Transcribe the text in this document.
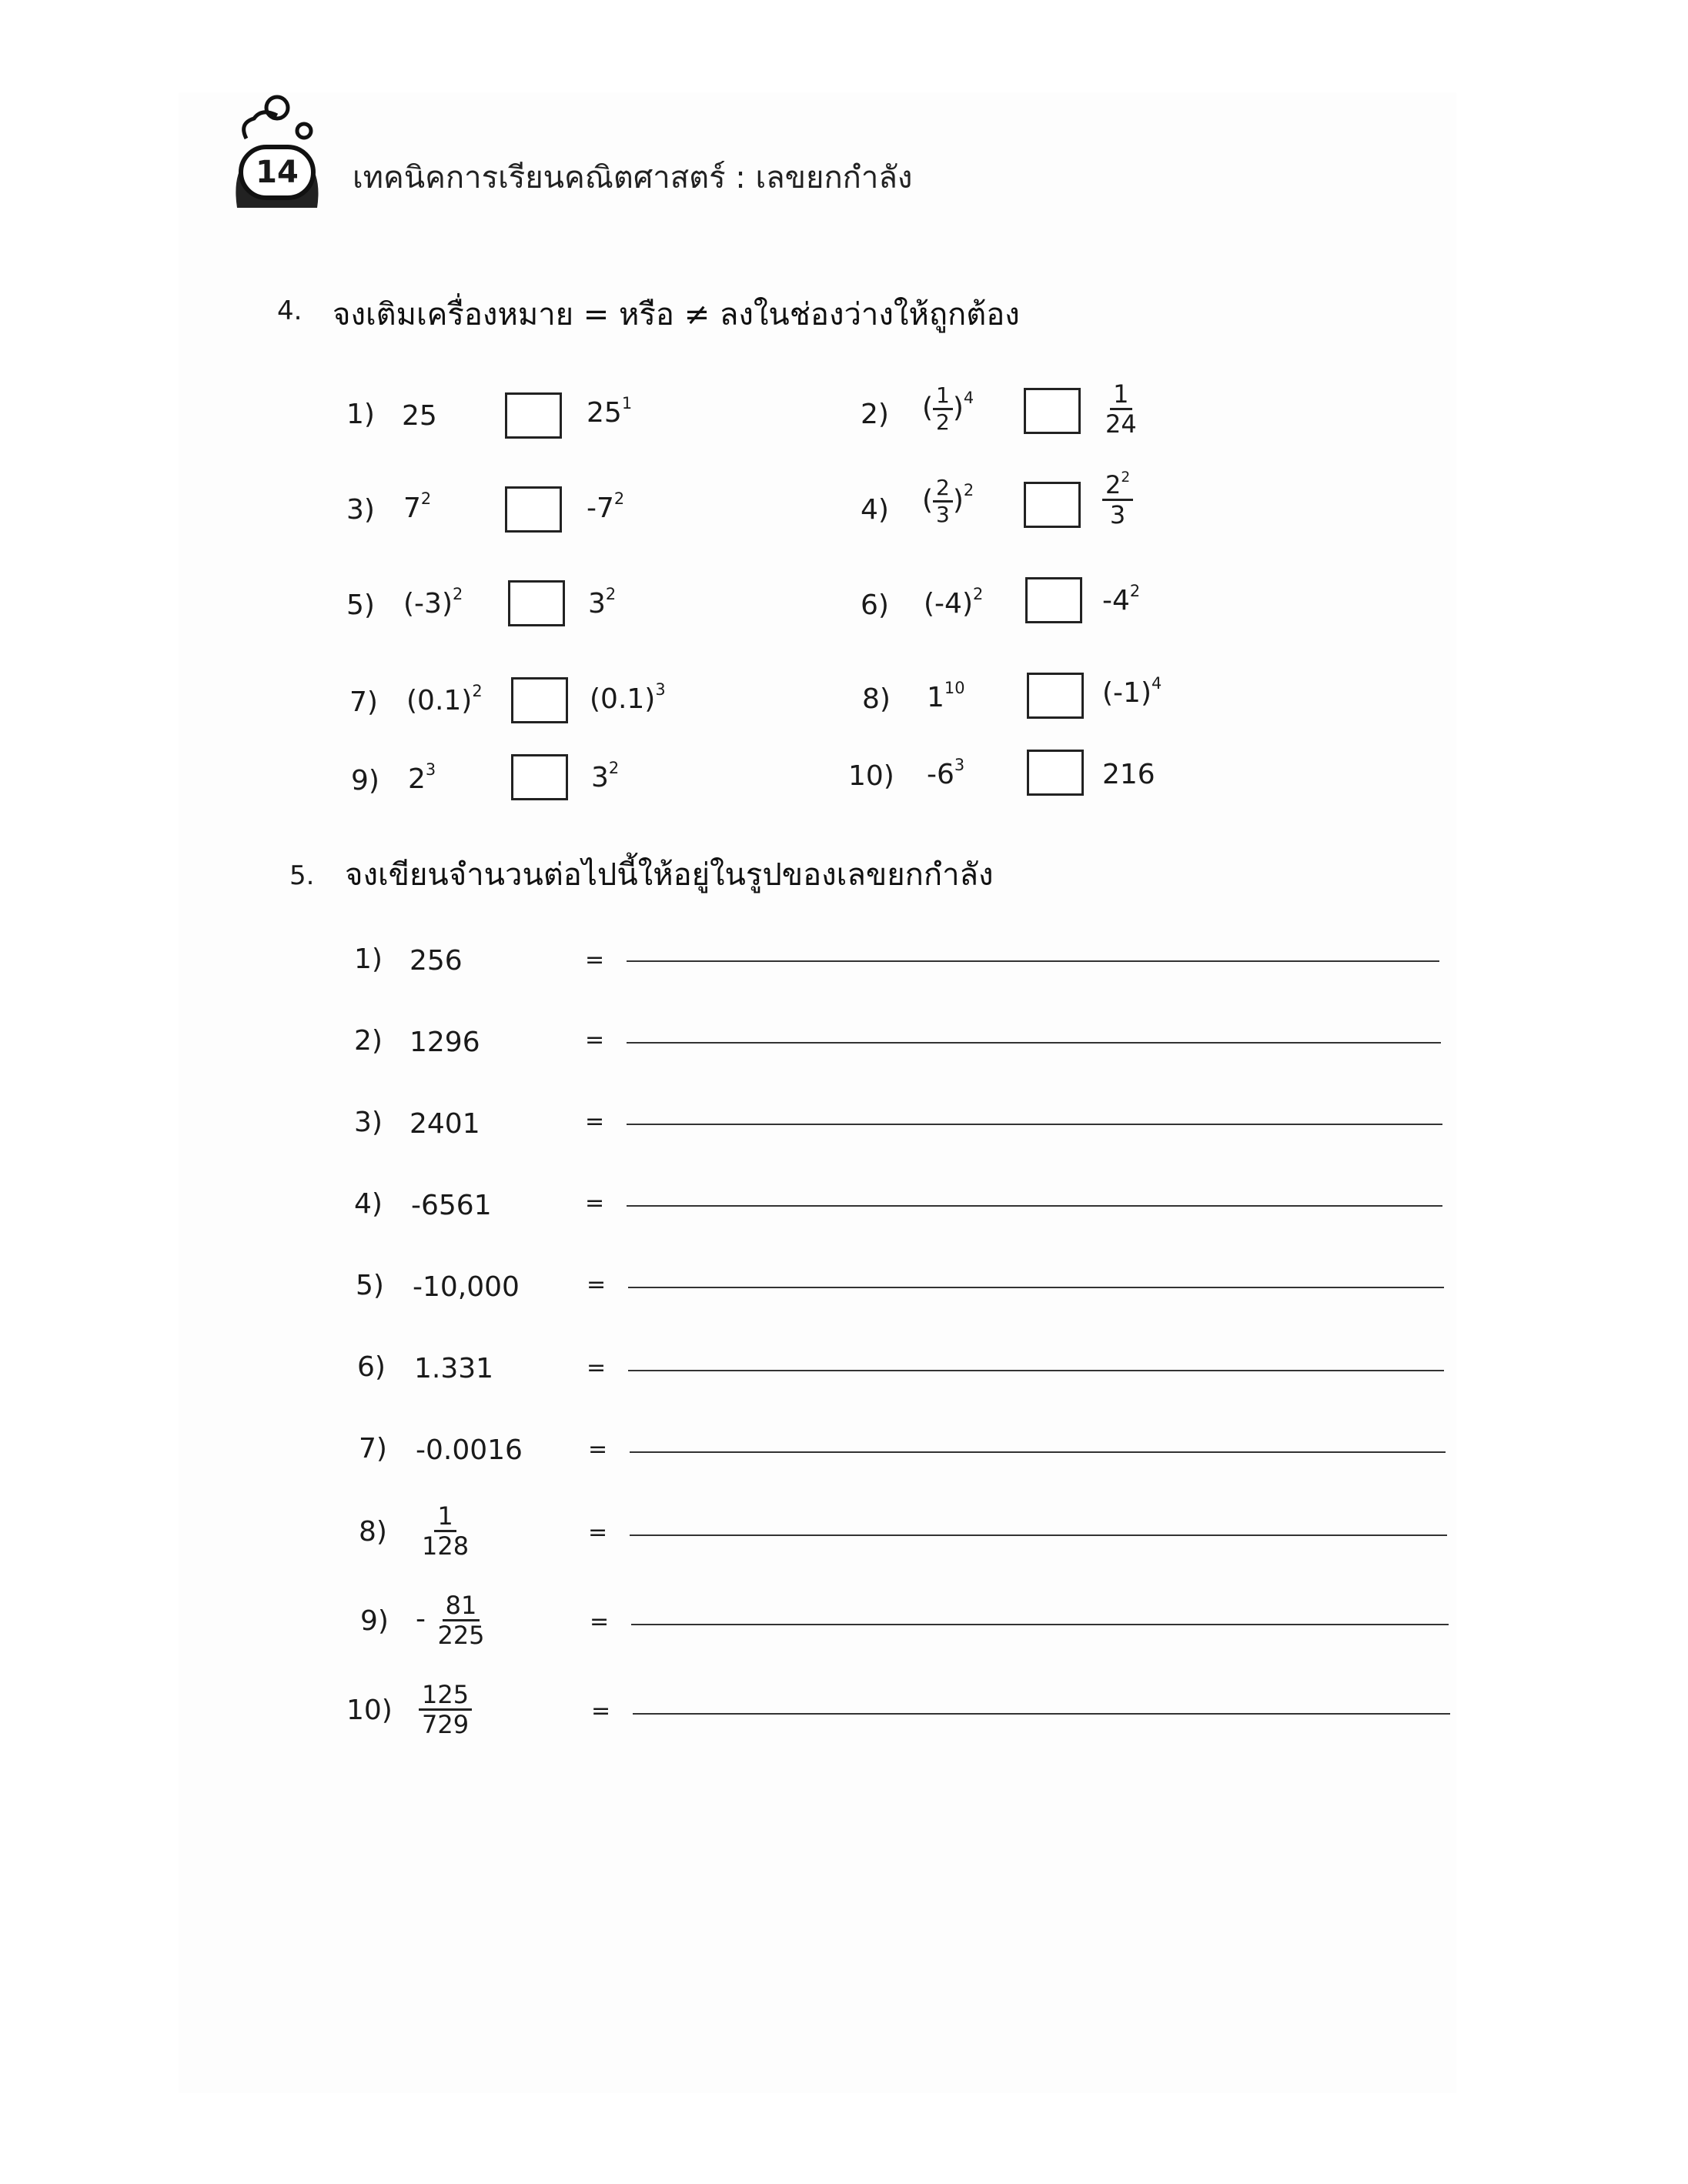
14 เทคนิคการเรียนคณิตศาสตร์ : เลขยกกำลัง
4. จงเติมเครื่องหมาย = หรือ ≠ ลงในช่องว่างให้ถูกต้อง
1) 25	$25^1$	2) ( $\frac{1}{2} )^4$	$\frac{1}{24}$
3) $7^2$	$-7^2$	4) ( $\frac{2}{3} )^2$	$\frac{2^2}{3}$
5) $(-3)^2$	$3^2$	6) $(-4)^2$	$-4^2$
7) $(0.1)^2$	$(0.1)^3$	8) $1^{10}$	$(-1)^4$
9) $2^3$	$3^2$	10) $-6^3$	216
5. จงเขียนจำนวนต่อไปนี้ให้อยู่ในรูปของเลขยกกำลัง
1) 256	=
2) 1296	=
3) 2401	=
4) -6561	=
5) -10,000	=
6) 1.331	=
7) -0.0016	=
$8) \frac{1}{128}$	=
$9) - \frac{81}{225}$	=
$10) \frac{125}{729}$	=
